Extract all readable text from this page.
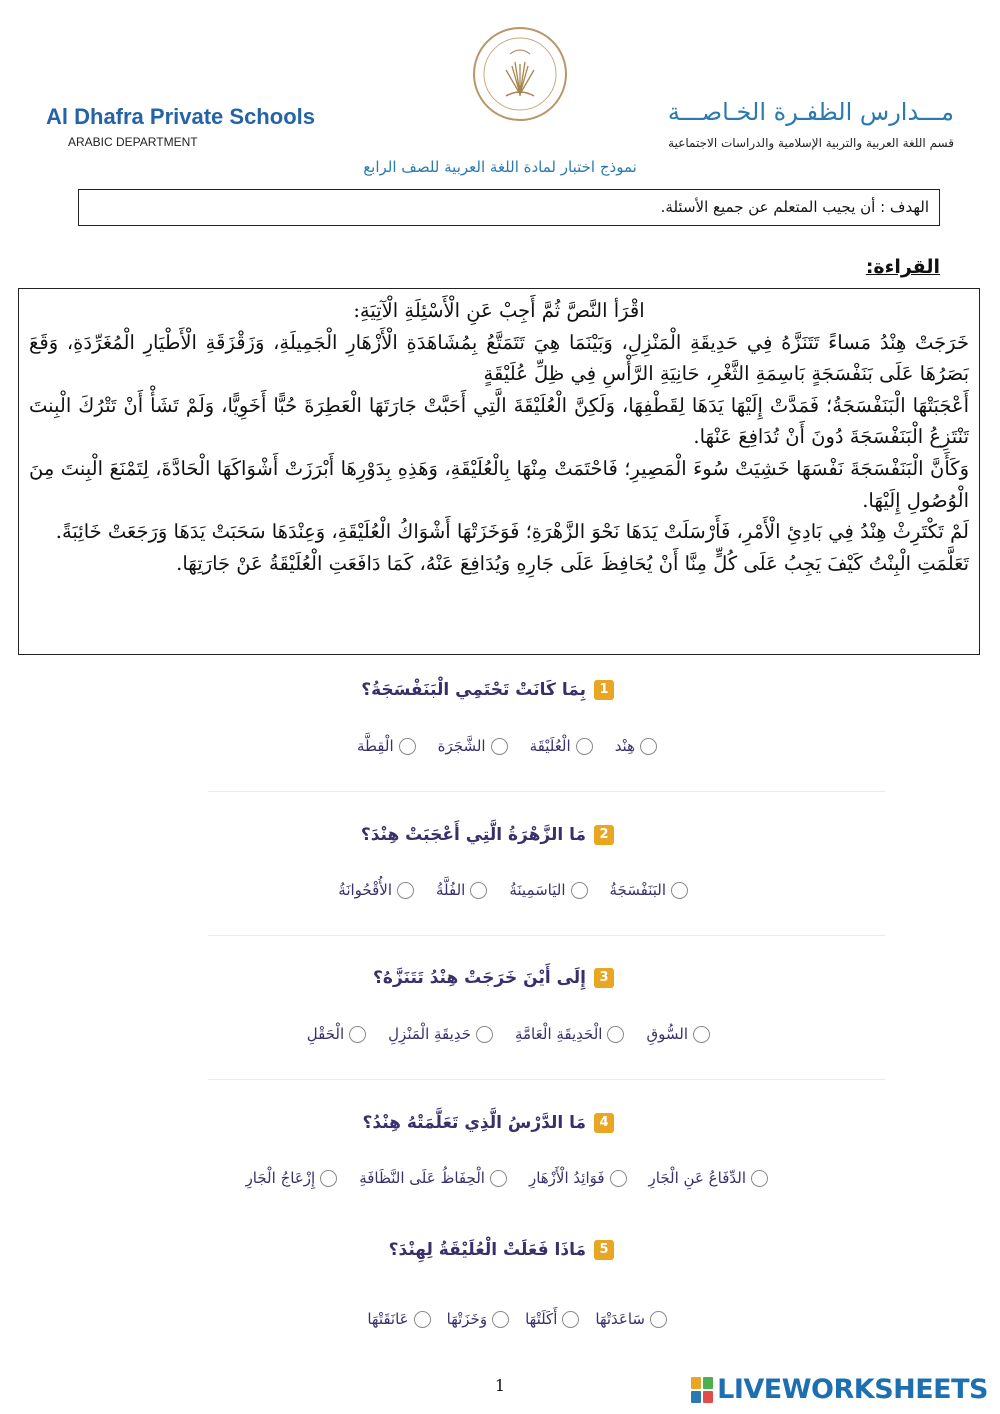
Al Dhafra Private Schools
ARABIC DEPARTMENT
مـــدارس الظفـرة الخـاصـــة
قسم اللغة العربية والتربية الإسلامية والدراسات الاجتماعية
نموذج اختبار لمادة اللغة العربية للصف الرابع
الهدف : أن يجيب المتعلم عن جميع الأسئلة.
القراءة:

اقْرَأ النَّصَّ ثُمَّ أَجِبْ عَنِ الْأَسْئِلَةِ الْآتِيَةِ:

خَرَجَتْ هِنْدُ مَساءً تَتَنَزَّهُ فِي حَدِيقَةِ الْمَنْزِلِ، وَبَيْنَمَا هِيَ تَتَمَتَّعُ بِمُشَاهَدَةِ الْأَزْهَارِ الْجَمِيلَةِ، وَزَقْزَقَةِ الْأَطْيَارِ الْمُغَرِّدَةِ، وَقَعَ بَصَرُهَا عَلَى بَنَفْسَجَةٍ بَاسِمَةِ الثَّغْرِ، حَانِيَةِ الرَّأْسِ فِي ظِلِّ عُلَيْقَةٍ

أَعْجَبَتْهَا الْبَنَفْسَجَةُ؛ فَمَدَّتْ إِلَيْهَا يَدَهَا لِقَطْفِهَا، وَلَكِنَّ الْعُلَيْقَةَ الَّتِي أَحَبَّتْ جَارَتَهَا الْعَطِرَةَ حُبًّا أَخَوِيًّا، وَلَمْ تَشَأْ أَنْ تَتْرُكَ الْبِنتَ تَنْتَزِعُ الْبَنَفْسَجَةَ دُونَ أَنْ تُدَافِعَ عَنْهَا.

وَكَأَنَّ الْبَنَفْسَجَةَ نَفْسَهَا خَشِيَتْ سُوءَ الْمَصِيرِ؛ فَاحْتَمَتْ مِنْهَا بِالْعُلَيْقَةِ، وَهَذِهِ بِدَوْرِهَا أَبْرَزَتْ أَشْوَاكَهَا الْحَادَّةَ، لِتَمْنَعَ الْبِنتَ مِنَ الْوُصُولِ إِلَيْهَا.

لَمْ تَكْتَرِثْ هِنْدُ فِي بَادِئِ الْأَمْرِ، فَأَرْسَلَتْ يَدَهَا نَحْوَ الزَّهْرَةِ؛ فَوَخَزَتْهَا أَشْوَاكُ الْعُلَيْقَةِ، وَعِنْدَهَا سَحَبَتْ يَدَهَا وَرَجَعَتْ خَائِبَةً.

تَعَلَّمَتِ الْبِنْتُ كَيْفَ يَجِبُ عَلَى كُلٍّ مِنَّا أَنْ يُحَافِظَ عَلَى جَارِهِ وَيُدَافِعَ عَنْهُ، كَمَا دَافَعَتِ الْعُلَيْقَةُ عَنْ جَارَتِهَا.

1
بِمَا كَانَتْ تَحْتَمِي الْبَنَفْسَجَةُ؟
هِنْد
الْعُلَيْقَة
الشَّجَرَة
الْقِطَّة
2
مَا الزَّهْرَةُ الَّتِي أَعْجَبَتْ هِنْدَ؟
البَنَفْسَجَةُ
اليَاسَمِينَةُ
الفُلَّةُ
الأُقْحُوانَةُ
3
إِلَى أَيْنَ خَرَجَتْ هِنْدُ تَتَنَزَّهُ؟
السُّوقِ
الْحَدِيقَةِ الْعَامَّةِ
حَدِيقَةِ الْمَنْزِلِ
الْحَقْلِ
4
مَا الدَّرْسُ الَّذِي تَعَلَّمَتْهُ هِنْدُ؟
الدِّفَاعُ عَنِ الْجَارِ
فَوَائِدُ الْأَزْهَارِ
الْحِفَاظُ عَلَى النَّظَافَةِ
إِزْعَاجُ الْجَارِ
5
مَاذَا فَعَلَتْ الْعُلَيْقَةُ لِهِنْدَ؟
سَاعَدَتْهَا
أَكَلَتْهَا
وَخَزَتْهَا
عَانَقَتْهَا
1	LIVEWORKSHEETS
